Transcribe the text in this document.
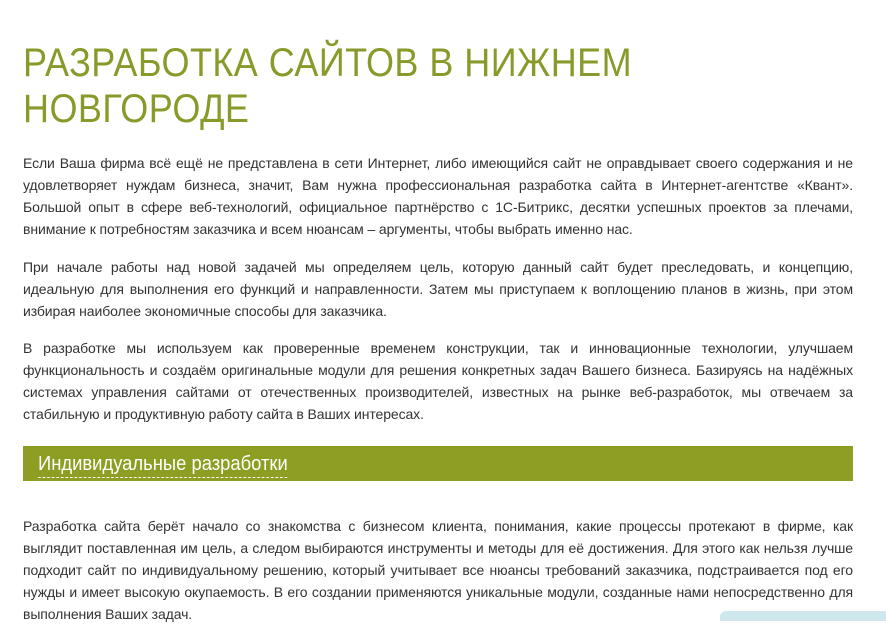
РАЗРАБОТКА САЙТОВ В НИЖНЕМ НОВГОРОДЕ

Если Ваша фирма всё ещё не представлена в сети Интернет, либо имеющийся сайт не оправдывает своего содержания и не удовлетворяет нуждам бизнеса, значит, Вам нужна профессиональная разработка сайта в Интернет-агентстве «Квант». Большой опыт в сфере веб-технологий, официальное партнёрство с 1С-Битрикс, десятки успешных проектов за плечами, внимание к потребностям заказчика и всем нюансам – аргументы, чтобы выбрать именно нас.

При начале работы над новой задачей мы определяем цель, которую данный сайт будет преследовать, и концепцию, идеальную для выполнения его функций и направленности. Затем мы приступаем к воплощению планов в жизнь, при этом избирая наиболее экономичные способы для заказчика.

В разработке мы используем как проверенные временем конструкции, так и инновационные технологии, улучшаем функциональность и создаём оригинальные модули для решения конкретных задач Вашего бизнеса. Базируясь на надёжных системах управления сайтами от отечественных производителей, известных на рынке веб-разработок, мы отвечаем за стабильную и продуктивную работу сайта в Ваших интересах.

Индивидуальные разработки

Разработка сайта берёт начало со знакомства с бизнесом клиента, понимания, какие процессы протекают в фирме, как выглядит поставленная им цель, а следом выбираются инструменты и методы для её достижения. Для этого как нельзя лучше подходит сайт по индивидуальному решению, который учитывает все нюансы требований заказчика, подстраивается под его нужды и имеет высокую окупаемость. В его создании применяются уникальные модули, созданные нами непосредственно для выполнения Ваших задач.
